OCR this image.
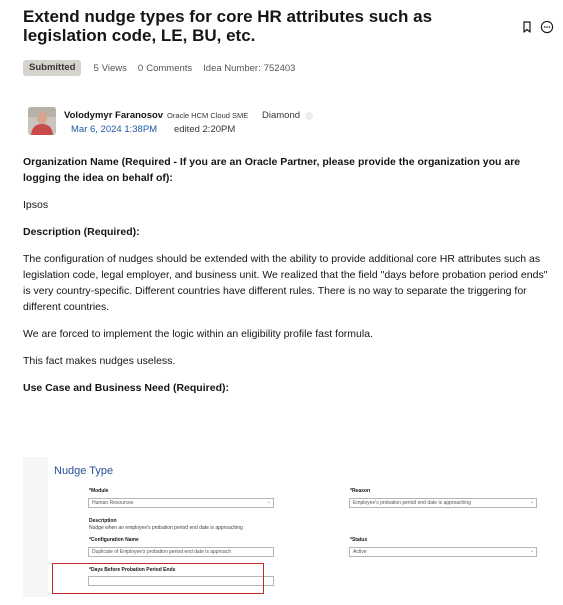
Extend nudge types for core HR attributes such as legislation code, LE, BU, etc.
Submitted	5 Views 0 Comments Idea Number: 752403
Volodymyr Faranosov Oracle HCM Cloud SME Diamond
Mar 6, 2024 1:38PM edited 2:20PM

Organization Name (Required - If you are an Oracle Partner, please provide the organization you are logging the idea on behalf of):

Ipsos

Description (Required):

The configuration of nudges should be extended with the ability to provide additional core HR attributes such as legislation code, legal employer, and business unit. We realized that the field "days before probation period ends" is very country-specific. Different countries have different rules. There is no way to separate the triggering for different countries.

We are forced to implement the logic within an eligibility profile fast formula.

This fact makes nudges useless.

Use Case and Business Need (Required):

Nudge Type
*Module
Human Resources	⌄
*Reason
Employee's probation period end date is approaching	⌄
Description
Nudge when an employee's probation period end date is approaching
*Configuration Name
Duplicate of Employee's probation period end date is approach
*Status
Active	⌄
*Days Before Probation Period Ends
